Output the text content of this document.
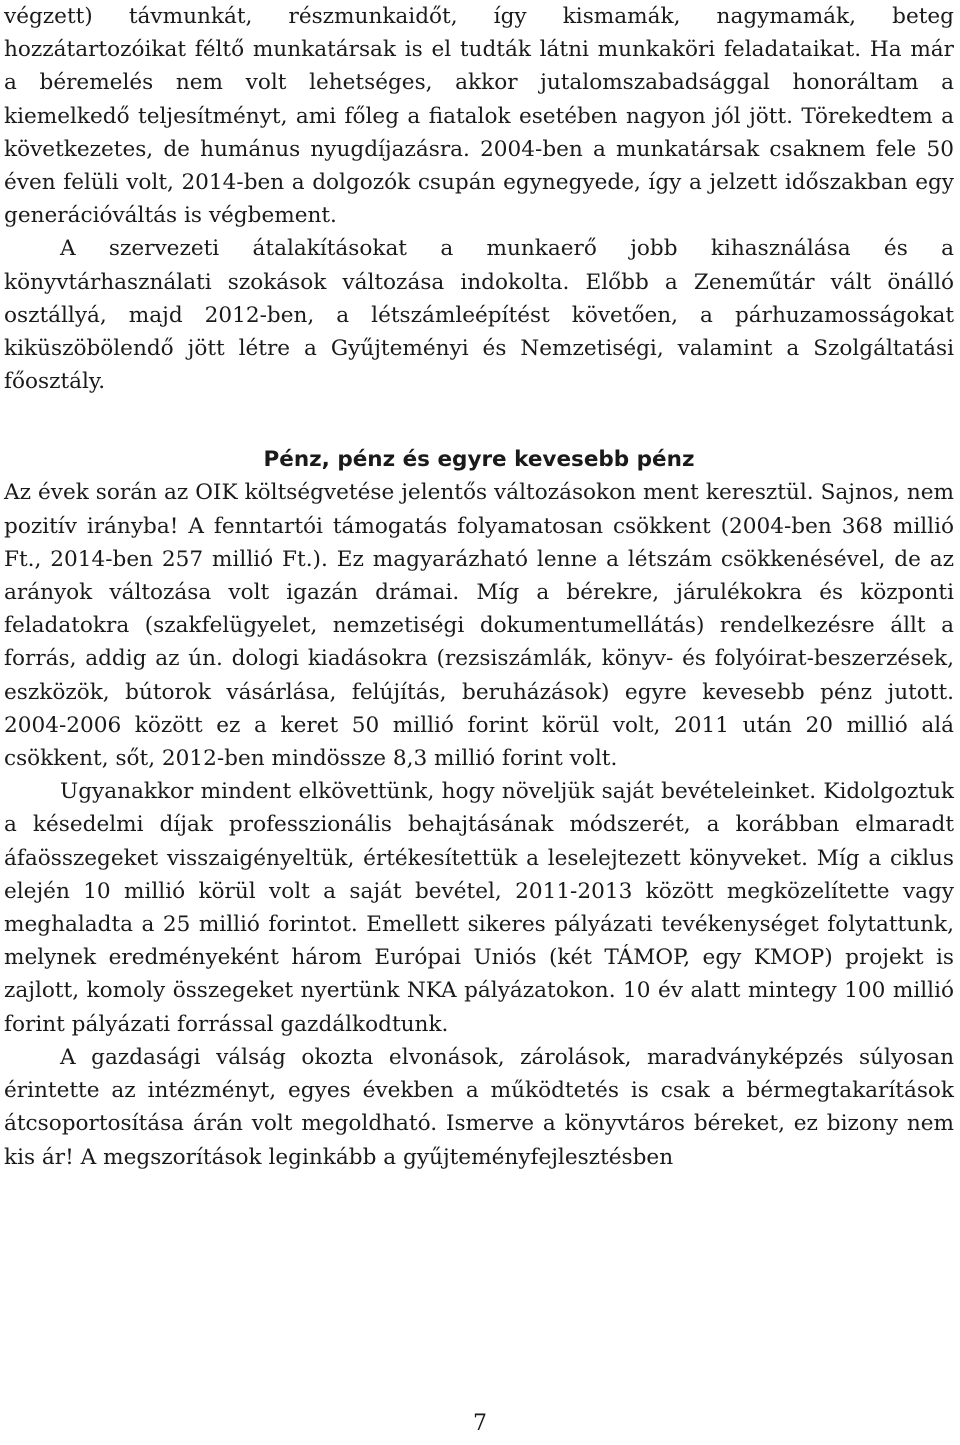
végzett) távmunkát, részmunkaidőt, így kismamák, nagymamák, beteg hozzátartozóikat féltő munkatársak is el tudták látni munkaköri feladataikat. Ha már a béremelés nem volt lehetséges, akkor jutalomszabadsággal honoráltam a kiemelkedő teljesítményt, ami főleg a fiatalok esetében nagyon jól jött. Törekedtem a következetes, de humánus nyugdíjazásra. 2004-ben a munkatársak csaknem fele 50 éven felüli volt, 2014-ben a dolgozók csupán egynegyede, így a jelzett időszakban egy generációváltás is végbement.

A szervezeti átalakításokat a munkaerő jobb kihasználása és a könyvtárhasználati szokások változása indokolta. Előbb a Zeneműtár vált önálló osztállyá, majd 2012-ben, a létszámleépítést követően, a párhuzamosságokat kiküszöbölendő jött létre a Gyűjteményi és Nemzetiségi, valamint a Szolgáltatási főosztály.

Pénz, pénz és egyre kevesebb pénz

Az évek során az OIK költségvetése jelentős változásokon ment keresztül. Sajnos, nem pozitív irányba! A fenntartói támogatás folyamatosan csökkent (2004-ben 368 millió Ft., 2014-ben 257 millió Ft.). Ez magyarázható lenne a létszám csökkenésével, de az arányok változása volt igazán drámai. Míg a bérekre, járulékokra és központi feladatokra (szakfelügyelet, nemzetiségi dokumentumellátás) rendelkezésre állt a forrás, addig az ún. dologi kiadásokra (rezsiszámlák, könyv- és folyóirat-beszerzések, eszközök, bútorok vásárlása, felújítás, beruházások) egyre kevesebb pénz jutott. 2004-2006 között ez a keret 50 millió forint körül volt, 2011 után 20 millió alá csökkent, sőt, 2012-ben mindössze 8,3 millió forint volt.

Ugyanakkor mindent elkövettünk, hogy növeljük saját bevételeinket. Kidolgoztuk a késedelmi díjak professzionális behajtásának módszerét, a korábban elmaradt áfaösszegeket visszaigényeltük, értékesítettük a leselejtezett könyveket. Míg a ciklus elején 10 millió körül volt a saját bevétel, 2011-2013 között megközelítette vagy meghaladta a 25 millió forintot. Emellett sikeres pályázati tevékenységet folytattunk, melynek eredményeként három Európai Uniós (két TÁMOP, egy KMOP) projekt is zajlott, komoly összegeket nyertünk NKA pályázatokon. 10 év alatt mintegy 100 millió forint pályázati forrással gazdálkodtunk.

A gazdasági válság okozta elvonások, zárolások, maradványképzés súlyosan érintette az intézményt, egyes években a működtetés is csak a bérmegtakarítások átcsoportosítása árán volt megoldható. Ismerve a könyvtáros béreket, ez bizony nem kis ár! A megszorítások leginkább a gyűjteményfejlesztésben

7
